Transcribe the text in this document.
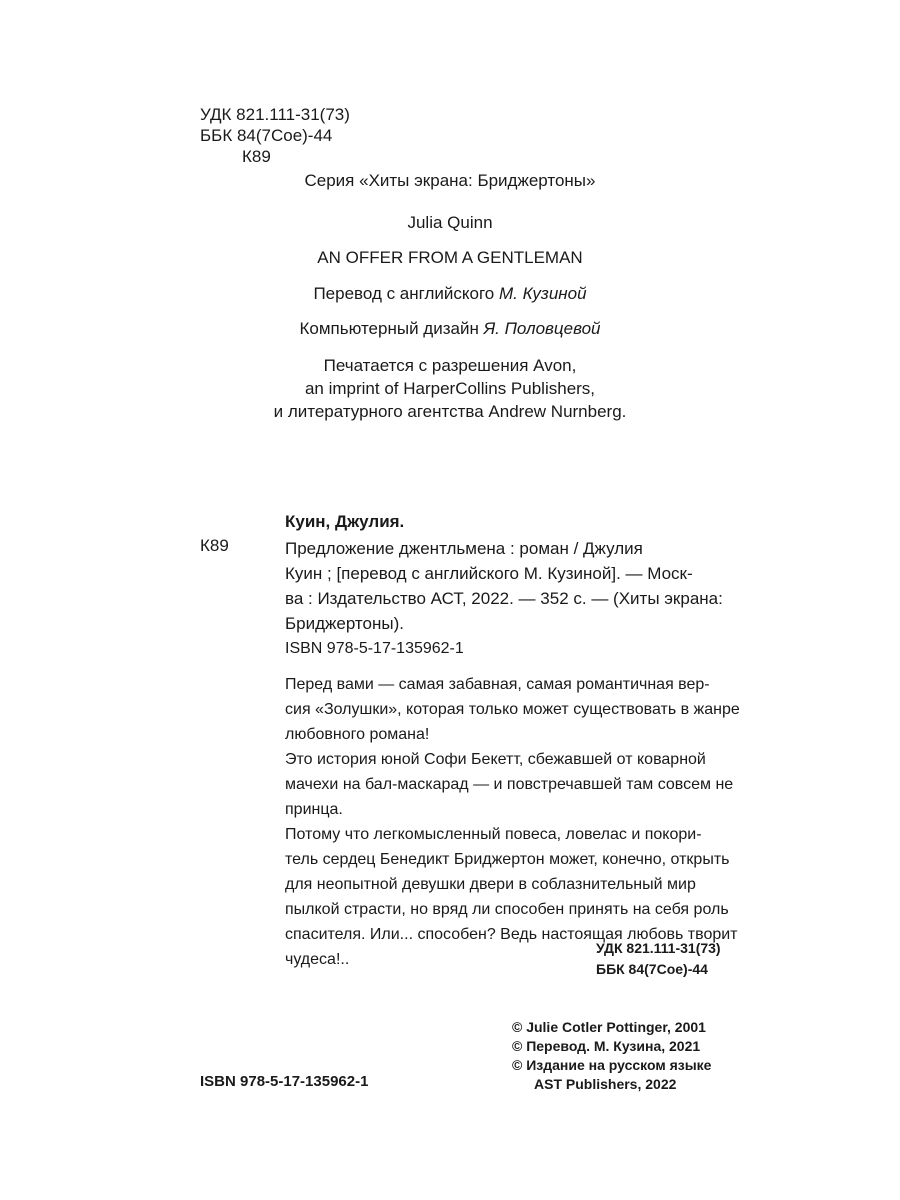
УДК 821.111-31(73)
ББК 84(7Сое)-44
К89
Серия «Хиты экрана: Бриджертоны»
Julia Quinn
AN OFFER FROM A GENTLEMAN
Перевод с английского М. Кузиной
Компьютерный дизайн Я. Половцевой
Печатается с разрешения Avon,
an imprint of HarperCollins Publishers,
и литературного агентства Andrew Nurnberg.
Куин, Джулия.
К89	Предложение джентльмена : роман / Джулия
Куин ; [перевод с английского М. Кузиной]. — Моск-
ва : Издательство АСТ, 2022. — 352 с. — (Хиты экрана:
Бриджертоны).
ISBN 978-5-17-135962-1
Перед вами — самая забавная, самая романтичная вер-
сия «Золушки», которая только может существовать в жанре
любовного романа!
Это история юной Софи Бекетт, сбежавшей от коварной
мачехи на бал-маскарад — и повстречавшей там совсем не
принца.
Потому что легкомысленный повеса, ловелас и покори-
тель сердец Бенедикт Бриджертон может, конечно, открыть
для неопытной девушки двери в соблазнительный мир
пылкой страсти, но вряд ли способен принять на себя роль
спасителя. Или... способен? Ведь настоящая любовь творит
чудеса!..
УДК 821.111-31(73)
ББК 84(7Сое)-44
© Julie Cotler Pottinger, 2001
© Перевод. М. Кузина, 2021
© Издание на русском языке
AST Publishers, 2022
ISBN 978-5-17-135962-1
